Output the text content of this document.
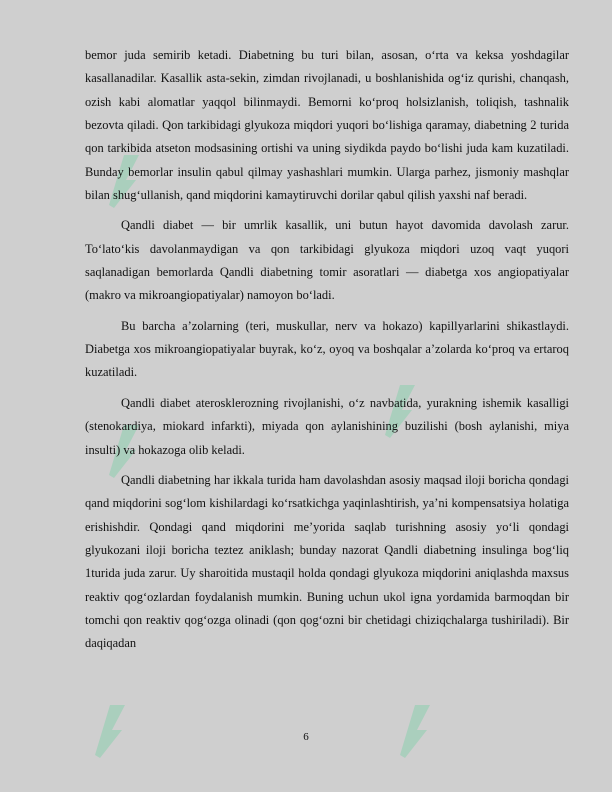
bemor juda semirib ketadi. Diabetning bu turi bilan, asosan, o‘rta va keksa yoshdagilar kasallanadilar. Kasallik asta-sekin, zimdan rivojlanadi, u boshlanishida og‘iz qurishi, chanqash, ozish kabi alomatlar yaqqol bilinmaydi. Bemorni ko‘proq holsizlanish, toliqish, tashnalik bezovta qiladi. Qon tarkibidagi glyukoza miqdori yuqori bo‘lishiga qaramay, diabetning 2 turida qon tarkibida atseton modsasining ortishi va uning siydikda paydo bo‘lishi juda kam kuzatiladi. Bunday bemorlar insulin qabul qilmay yashashlari mumkin. Ularga parhez, jismoniy mashqlar bilan shug‘ullanish, qand miqdorini kamaytiruvchi dorilar qabul qilish yaxshi naf beradi.

Qandli diabet — bir umrlik kasallik, uni butun hayot davomida davolash zarur. To‘lato‘kis davolanmaydigan va qon tarkibidagi glyukoza miqdori uzoq vaqt yuqori saqlanadigan bemorlarda Qandli diabetning tomir asoratlari — diabetga xos angiopatiyalar (makro va mikroangiopatiyalar) namoyon bo‘ladi.

Bu barcha a’zolarning (teri, muskullar, nerv va hokazo) kapillyarlarini shikastlaydi. Diabetga xos mikroangiopatiyalar buyrak, ko‘z, oyoq va boshqalar a’zolarda ko‘proq va ertaroq kuzatiladi.

Qandli diabet aterosklerozning rivojlanishi, o‘z navbatida, yurakning ishemik kasalligi (stenokardiya, miokard infarkti), miyada qon aylanishining buzilishi (bosh aylanishi, miya insulti) va hokazoga olib keladi.

Qandli diabetning har ikkala turida ham davolashdan asosiy maqsad iloji boricha qondagi qand miqdorini sog‘lom kishilardagi ko‘rsatkichga yaqinlashtirish, ya’ni kompensatsiya holatiga erishishdir. Qondagi qand miqdorini me’yorida saqlab turishning asosiy yo‘li qondagi glyukozani iloji boricha teztez aniklash; bunday nazorat Qandli diabetning insulinga bog‘liq 1turida juda zarur. Uy sharoitida mustaqil holda qondagi glyukoza miqdorini aniqlashda maxsus reaktiv qog‘ozlardan foydalanish mumkin. Buning uchun ukol igna yordamida barmoqdan bir tomchi qon reaktiv qog‘ozga olinadi (qon qog‘ozni bir chetidagi chiziqchalarga tushiriladi). Bir daqiqadan

6
